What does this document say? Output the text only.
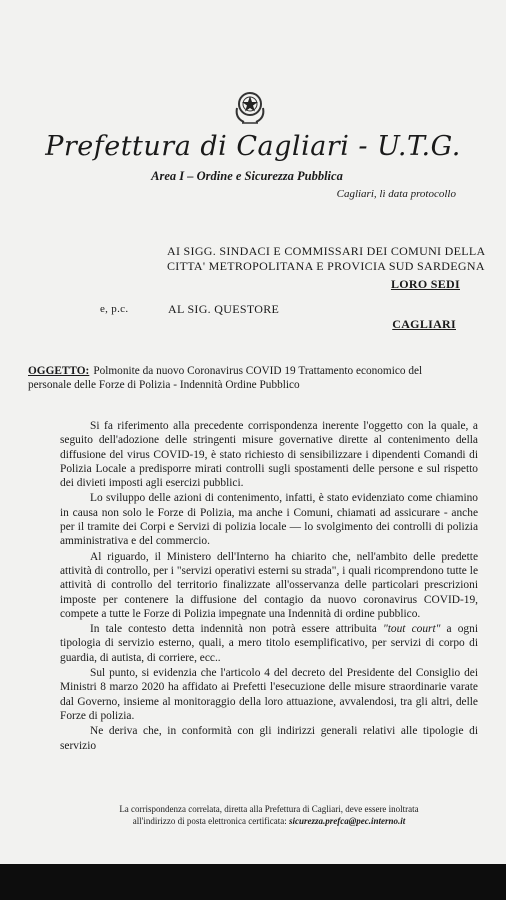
Prefettura di Cagliari - U.T.G.
Area I – Ordine e Sicurezza Pubblica
Cagliari, lì data protocollo
AI SIGG. SINDACI E COMMISSARI DEI COMUNI DELLA
CITTA' METROPOLITANA E PROVICIA SUD SARDEGNA
LORO SEDI
e, p.c.	AL SIG. QUESTORE
CAGLIARI
OGGETTO: Polmonite da nuovo Coronavirus COVID 19 Trattamento economico del personale delle Forze di Polizia - Indennità Ordine Pubblico

Si fa riferimento alla precedente corrispondenza inerente l'oggetto con la quale, a seguito dell'adozione delle stringenti misure governative dirette al contenimento della diffusione del virus COVID-19, è stato richiesto di sensibilizzare i dipendenti Comandi di Polizia Locale a predisporre mirati controlli sugli spostamenti delle persone e sul rispetto dei divieti imposti agli esercizi pubblici.

Lo sviluppo delle azioni di contenimento, infatti, è stato evidenziato come chiamino in causa non solo le Forze di Polizia, ma anche i Comuni, chiamati ad assicurare - anche per il tramite dei Corpi e Servizi di polizia locale — lo svolgimento dei controlli di polizia amministrativa e del commercio.

Al riguardo, il Ministero dell'Interno ha chiarito che, nell'ambito delle predette attività di controllo, per i "servizi operativi esterni su strada", i quali ricomprendono tutte le attività di controllo del territorio finalizzate all'osservanza delle particolari prescrizioni imposte per contenere la diffusione del contagio da nuovo coronavirus COVID-19, compete a tutte le Forze di Polizia impegnate una Indennità di ordine pubblico.

In tale contesto detta indennità non potrà essere attribuita "tout court" a ogni tipologia di servizio esterno, quali, a mero titolo esemplificativo, per servizi di corpo di guardia, di autista, di corriere, ecc..

Sul punto, si evidenzia che l'articolo 4 del decreto del Presidente del Consiglio dei Ministri 8 marzo 2020 ha affidato ai Prefetti l'esecuzione delle misure straordinarie varate dal Governo, insieme al monitoraggio della loro attuazione, avvalendosi, tra gli altri, delle Forze di polizia.

Ne deriva che, in conformità con gli indirizzi generali relativi alle tipologie di servizio

La corrispondenza correlata, diretta alla Prefettura di Cagliari, deve essere inoltrata
all'indirizzo di posta elettronica certificata: sicurezza.prefca@pec.interno.it
